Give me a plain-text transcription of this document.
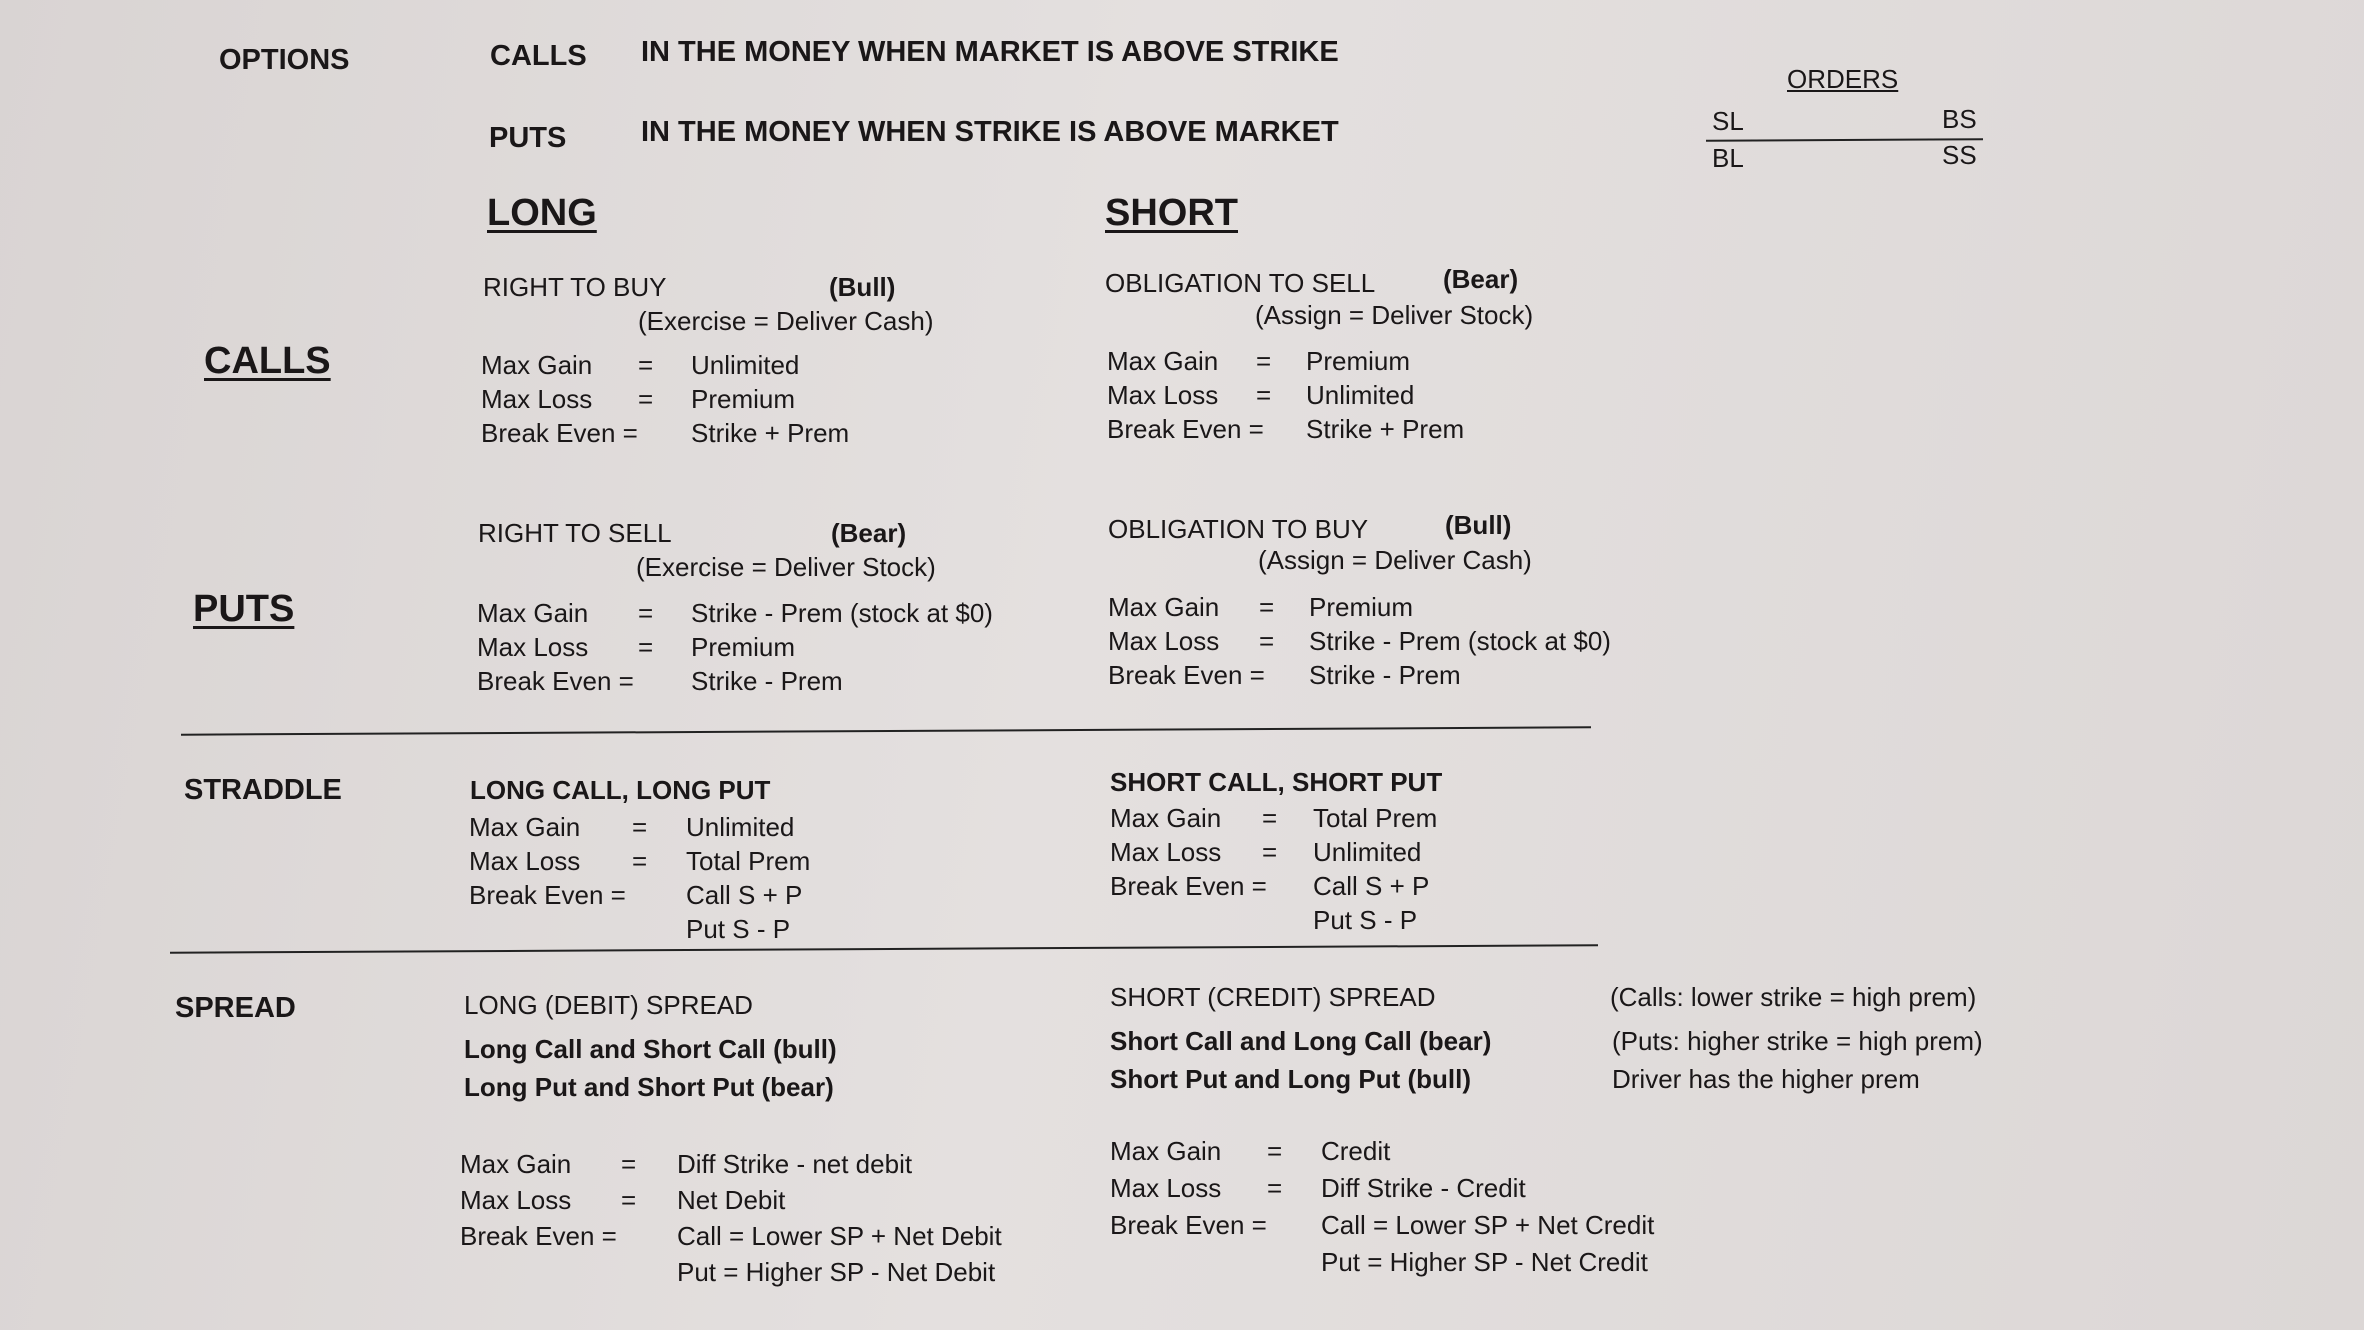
OPTIONS	CALLS IN THE MONEY WHEN MARKET IS ABOVE STRIKE
PUTS	IN THE MONEY WHEN STRIKE IS ABOVE MARKET
ORDERS
SL	BS
BL	SS
LONG	SHORT
CALLS
RIGHT TO BUY	(Bull)
(Exercise = Deliver Cash)
Max Gain	=	Unlimited
Max Loss	=	Premium
Break Even = Strike + Prem
OBLIGATION TO SELL	(Bear)
(Assign = Deliver Stock)
Max Gain	=	Premium
Max Loss	=	Unlimited
Break Even = Strike + Prem
PUTS
RIGHT TO SELL	(Bear)
(Exercise = Deliver Stock)
Max Gain	=	Strike - Prem (stock at $0)
Max Loss	=	Premium
Break Even = Strike - Prem
OBLIGATION TO BUY	(Bull)
(Assign = Deliver Cash)
Max Gain	=	Premium
Max Loss	=	Strike - Prem (stock at $0)
Break Even = Strike - Prem
STRADDLE	LONG CALL, LONG PUT
Max Gain	=	Unlimited
Max Loss	=	Total Prem
Break Even = Call S + P
Put S - P
SHORT CALL, SHORT PUT
Max Gain	=	Total Prem
Max Loss	=	Unlimited
Break Even = Call S + P
Put S - P
SPREAD	LONG (DEBIT) SPREAD
Long Call and Short Call (bull)
Long Put and Short Put (bear)
Max Gain	=	Diff Strike - net debit
Max Loss	=	Net Debit
Break Even = Call = Lower SP + Net Debit
Put = Higher SP - Net Debit
SHORT (CREDIT) SPREAD
Short Call and Long Call (bear)
Short Put and Long Put (bull)
Max Gain	=	Credit
Max Loss	=	Diff Strike - Credit
Break Even = Call = Lower SP + Net Credit
Put = Higher SP - Net Credit
(Calls: lower strike = high prem)
(Puts: higher strike = high prem)
Driver has the higher prem
